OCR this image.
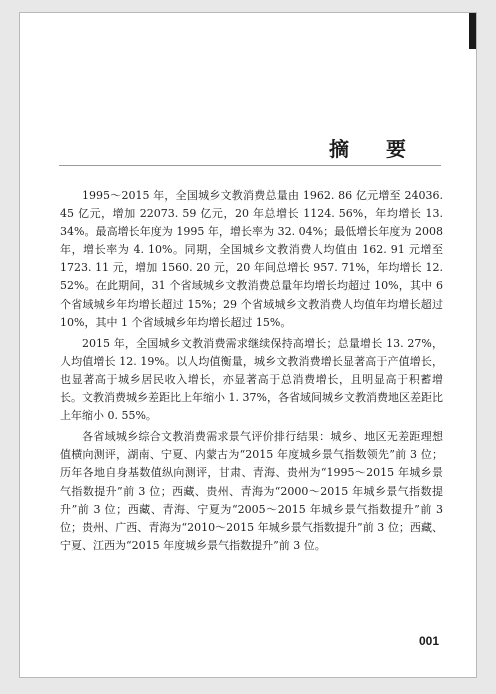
摘 要

1995～2015 年，全国城乡文教消费总量由 1962. 86 亿元增至 24036. 45 亿元，增加 22073. 59 亿元，20 年总增长 1124. 56%，年均增长 13. 34%。最高增长年度为 1995 年，增长率为 32. 04%；最低增长年度为 2008 年，增长率为 4. 10%。同期，全国城乡文教消费人均值由 162. 91 元增至 1723. 11 元，增加 1560. 20 元，20 年间总增长 957. 71%，年均增长 12. 52%。在此期间，31 个省域城乡文教消费总量年均增长均超过 10%，其中 6 个省域城乡年均增长超过 15%；29 个省域城乡文教消费人均值年均增长超过 10%，其中 1 个省域城乡年均增长超过 15%。

2015 年，全国城乡文教消费需求继续保持高增长；总量增长 13. 27%，人均值增长 12. 19%。以人均值衡量，城乡文教消费增长显著高于产值增长，也显著高于城乡居民收入增长，亦显著高于总消费增长，且明显高于积蓄增长。文教消费城乡差距比上年缩小 1. 37%，各省域间城乡文教消费地区差距比上年缩小 0. 55%。

各省域城乡综合文教消费需求景气评价排行结果：城乡、地区无差距理想值横向测评，湖南、宁夏、内蒙古为“2015 年度城乡景气指数领先”前 3 位；历年各地自身基数值纵向测评，甘肃、青海、贵州为“1995～2015 年城乡景气指数提升”前 3 位；西藏、贵州、青海为“2000～2015 年城乡景气指数提升”前 3 位；西藏、青海、宁夏为“2005～2015 年城乡景气指数提升”前 3 位；贵州、广西、青海为“2010～2015 年城乡景气指数提升”前 3 位；西藏、宁夏、江西为“2015 年度城乡景气指数提升”前 3 位。

001
